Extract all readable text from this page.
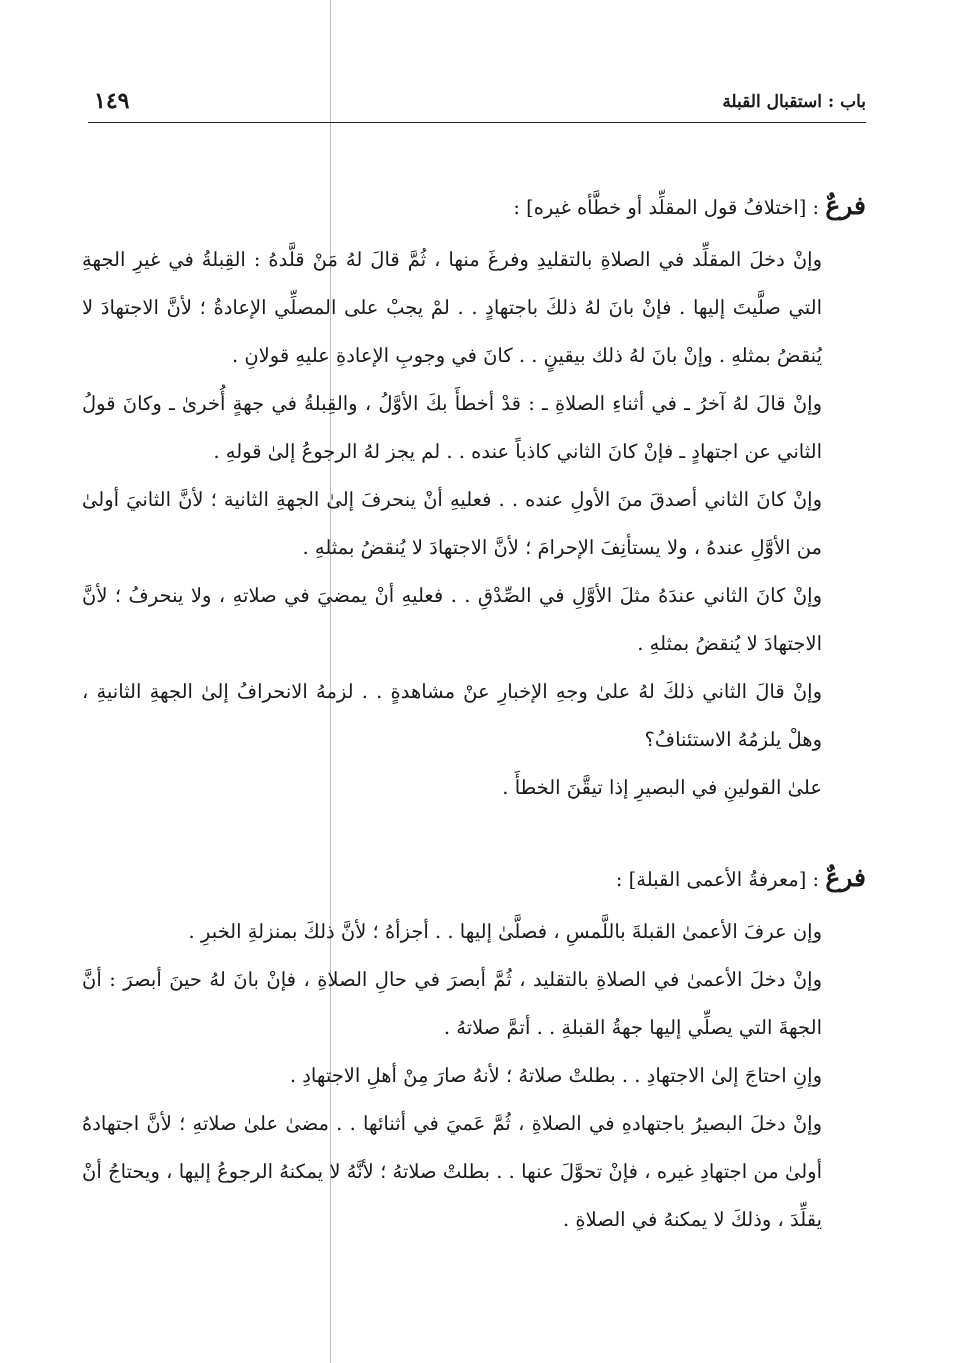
باب : استقبال القبلة
١٤٩
فرعٌ : [اختلافُ قول المقلِّد أو خطَّأه غيره] :

وإنْ دخلَ المقلِّد في الصلاةِ بالتقليدِ وفرغَ منها ، ثُمَّ قالَ لهُ مَنْ قلَّدهُ : القِبلةُ في غيرِ الجهةِ التي صلَّيتَ إليها . فإنْ بانَ لهُ ذلكَ باجتهادٍ . . لمْ يجبْ على المصلِّي الإعادةُ ؛ لأنَّ الاجتهادَ لا يُنقضُ بمثلهِ . وإنْ بانَ لهُ ذلك بيقينٍ . . كانَ في وجوبِ الإعادةِ عليهِ قولانِ .

وإنْ قالَ لهُ آخرُ ـ في أثناءِ الصلاةِ ـ : قدْ أخطأَ بكَ الأوَّلُ ، والقِبلةُ في جهةٍ أُخرىٰ ـ وكانَ قولُ الثاني عن اجتهادٍ ـ فإنْ كانَ الثاني كاذباً عنده . . لم يجز لهُ الرجوعُ إلىٰ قولهِ .

وإنْ كانَ الثاني أصدقَ منَ الأولِ عنده . . فعليهِ أنْ ينحرفَ إلىٰ الجهةِ الثانية ؛ لأنَّ الثانيَ أولىٰ من الأوَّلِ عندهُ ، ولا يستأنِفَ الإحرامَ ؛ لأنَّ الاجتهادَ لا يُنقضُ بمثلهِ .

وإنْ كانَ الثاني عندَهُ مثلَ الأوَّلِ في الصِّدْقِ . . فعليهِ أنْ يمضيَ في صلاتهِ ، ولا ينحرفُ ؛ لأنَّ الاجتهادَ لا يُنقضُ بمثلهِ .

وإنْ قالَ الثاني ذلكَ لهُ علىٰ وجهِ الإخبارِ عنْ مشاهدةٍ . . لزمهُ الانحرافُ إلىٰ الجهةِ الثانيةِ ، وهلْ يلزمُهُ الاستئنافُ؟

علىٰ القولينِ في البصيرِ إذا تيقَّنَ الخطأَ .

فرعٌ : [معرفةُ الأعمى القبلة] :

وإن عرفَ الأعمىٰ القبلةَ باللَّمسِ ، فصلَّىٰ إليها . . أجزأهُ ؛ لأنَّ ذلكَ بمنزلةِ الخبرِ .

وإنْ دخلَ الأعمىٰ في الصلاةِ بالتقليد ، ثُمَّ أبصرَ في حالِ الصلاةِ ، فإنْ بانَ لهُ حينَ أبصرَ : أنَّ الجهةَ التي يصلِّي إليها جهةُ القبلةِ . . أتمَّ صلاتهُ .

وإنِ احتاجَ إلىٰ الاجتهادِ . . بطلتْ صلاتهُ ؛ لأنهُ صارَ مِنْ أهلِ الاجتهادِ .

وإنْ دخلَ البصيرُ باجتهادهِ في الصلاةِ ، ثُمَّ عَميَ في أثنائها . . مضىٰ علىٰ صلاتهِ ؛ لأنَّ اجتهادهُ أولىٰ من اجتهادِ غيره ، فإنْ تحوَّلَ عنها . . بطلتْ صلاتهُ ؛ لأنَّهُ لا يمكنهُ الرجوعُ إليها ، ويحتاجُ أنْ يقلِّدَ ، وذلكَ لا يمكنهُ في الصلاةِ .
